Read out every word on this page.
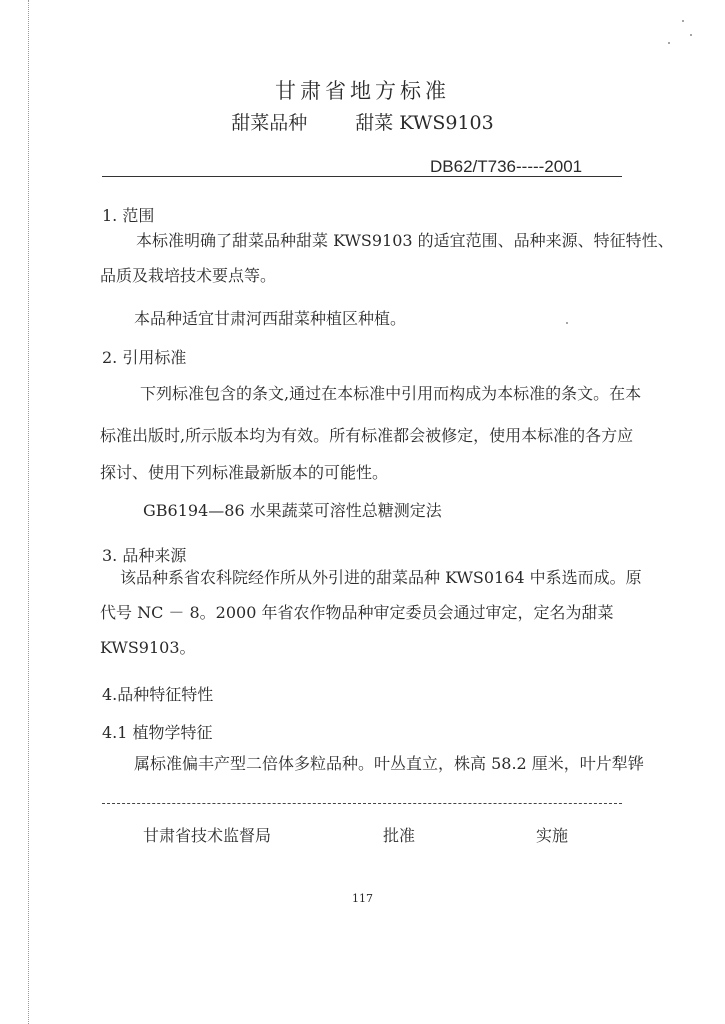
甘肃省地方标准
甜菜品种	甜菜 KWS9103
DB62/T736-----2001
1. 范围
本标准明确了甜菜品种甜菜 KWS9103 的适宜范围、品种来源、特征特性、
品质及栽培技术要点等。
本品种适宜甘肃河西甜菜种植区种植。
2. 引用标准
下列标准包含的条文,通过在本标准中引用而构成为本标准的条文。在本
标准出版时,所示版本均为有效。所有标准都会被修定，使用本标准的各方应
探讨、使用下列标准最新版本的可能性。
GB6194—86 水果蔬菜可溶性总糖测定法
3. 品种来源
该品种系省农科院经作所从外引进的甜菜品种 KWS0164 中系选而成。原
代号 NC － 8。2000 年省农作物品种审定委员会通过审定，定名为甜菜
KWS9103。
4.品种特征特性
4.1 植物学特征
属标准偏丰产型二倍体多粒品种。叶丛直立，株高 58.2 厘米，叶片犁铧
甘肃省技术监督局	批准	实施
117
